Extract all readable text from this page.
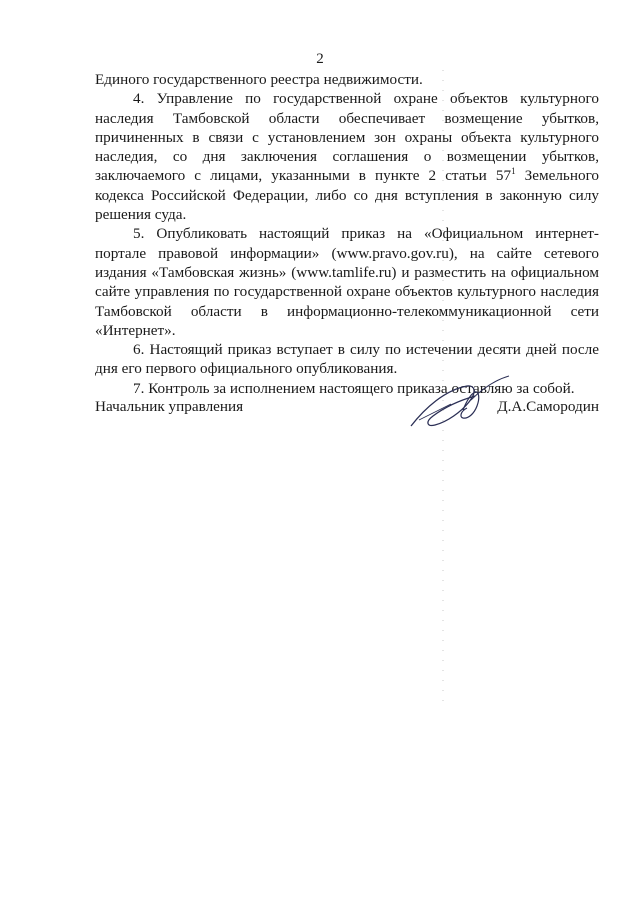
2

Единого государственного реестра недвижимости.

4. Управление по государственной охране объектов культурного наследия Тамбовской области обеспечивает возмещение убытков, причиненных в связи с установлением зон охраны объекта культурного наследия, со дня заключения соглашения о возмещении убытков, заключаемого с лицами, указанными в пункте 2 статьи $57^1$ Земельного кодекса Российской Федерации, либо со дня вступления в законную силу решения суда.

5. Опубликовать настоящий приказ на «Официальном интернет-портале правовой информации» (www.pravo.gov.ru), на сайте сетевого издания «Тамбовская жизнь» (www.tamlife.ru) и разместить на официальном сайте управления по государственной охране объектов культурного наследия Тамбовской области в информационно-телекоммуникационной сети «Интернет».

6. Настоящий приказ вступает в силу по истечении десяти дней после дня его первого официального опубликования.

7. Контроль за исполнением настоящего приказа оставляю за собой.

Начальник управления	Д.А.Самородин
